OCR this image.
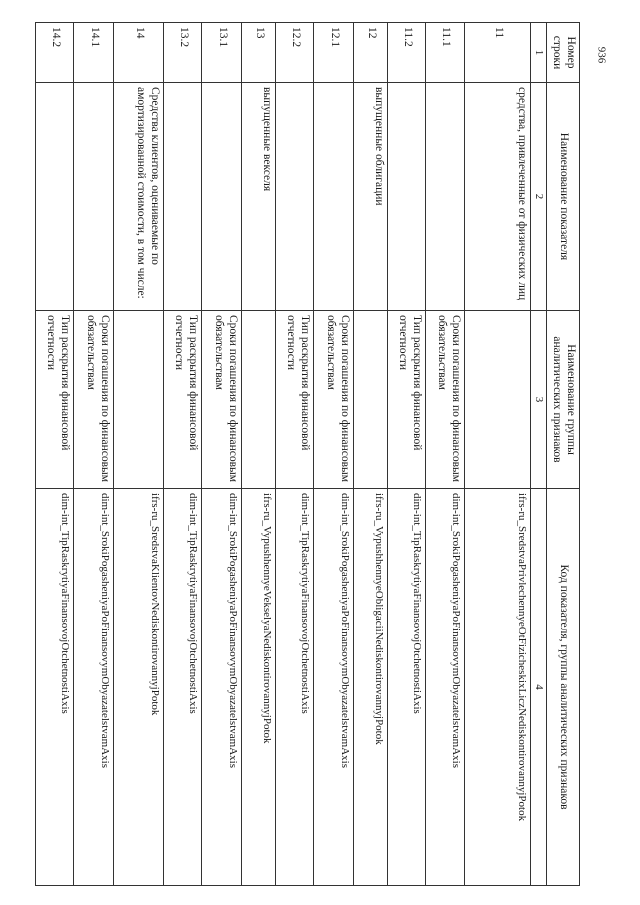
936
Номер строки	Наименование показателя	Наименование группы аналитических признаков	Код показателя, группы аналитических признаков
1	2	3	4
11	средства, привлеченные от физических лиц		ifrs-ru_SredstvaPrivlechennyeOtFizicheskixLiczNediskontirovannyjPotok
11.1		Сроки погашения по финансовым обязательствам	dim-int_SrokiPogasheniyaPoFinansovymObyazatelstvamAxis
11.2		Тип раскрытия финансовой отчетности	dim-int_TipRaskrytiyaFinansovojOtchetnostiAxis
12	выпущенные облигации		ifrs-ru_VypushhennyeObligaciiNediskontirovannyjPotok
12.1		Сроки погашения по финансовым обязательствам	dim-int_SrokiPogasheniyaPoFinansovymObyazatelstvamAxis
12.2		Тип раскрытия финансовой отчетности	dim-int_TipRaskrytiyaFinansovojOtchetnostiAxis
13	выпущенные векселя		ifrs-ru_VypushhennyeVekselyaNediskontirovannyjPotok
13.1		Сроки погашения по финансовым обязательствам	dim-int_SrokiPogasheniyaPoFinansovymObyazatelstvamAxis
13.2		Тип раскрытия финансовой отчетности	dim-int_TipRaskrytiyaFinansovojOtchetnostiAxis
14	Средства клиентов, оцениваемые по амортизированной стоимости, в том числе:		ifrs-ru_SredstvaKlientovNediskontirovannyjPotok
14.1		Сроки погашения по финансовым обязательствам	dim-int_SrokiPogasheniyaPoFinansovymObyazatelstvamAxis
14.2		Тип раскрытия финансовой отчетности	dim-int_TipRaskrytiyaFinansovojOtchetnostiAxis
